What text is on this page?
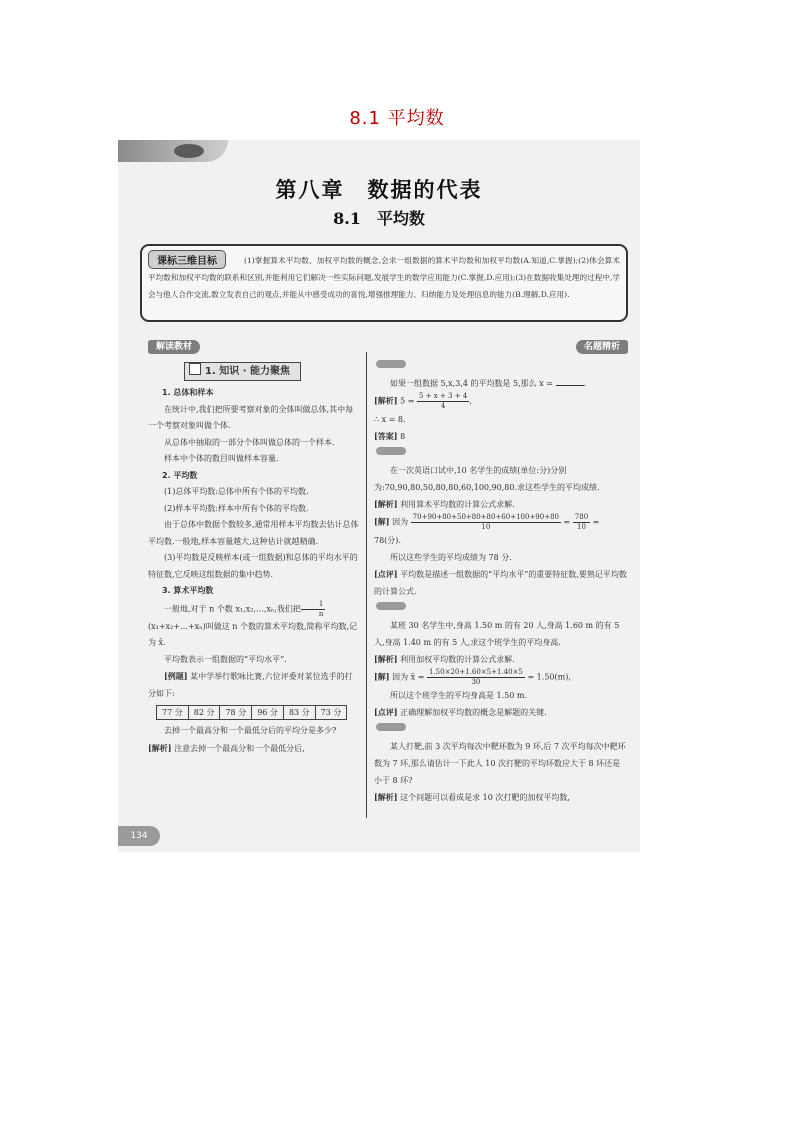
8.1 平均数
第八章　数据的代表
8.1　平均数
(1)掌握算术平均数、加权平均数的概念,会求一组数据的算术平均数和加权平均数(A.知道,C.掌握);(2)体会算术平均数和加权平均数的联系和区别,并能利用它们解决一些实际问题,发展学生的数学应用能力(C.掌握,D.应用);(3)在数据收集处理的过程中,学会与他人合作交流,数立发表自己的观点,并能从中感受成功的喜悦,增强推理能力、归纳能力及处理信息的能力(B.理解,D.应用).
课标三维目标
解读教材	名题精析
1. 知识 · 能力聚焦
1. 总体和样本
在统计中,我们把所要考察对象的全体叫做总体,其中每一个考察对象叫做个体.
从总体中抽取的一部分个体叫做总体的一个样本.
样本中个体的数目叫做样本容量.
2. 平均数
(1)总体平均数:总体中所有个体的平均数.
(2)样本平均数:样本中所有个体的平均数.
由于总体中数据个数较多,通常用样本平均数去估计总体平均数.一般地,样本容量越大,这种估计就越精确.
(3)平均数是反映样本(或一组数据)和总体的平均水平的特征数,它反映这组数据的集中趋势.
3. 算术平均数
一般地,对于 n 个数 x₁,x₂,…,xₙ,我们把 $\frac{1}{n}$
(x₁+x₂+…+xₙ)叫做这 n 个数的算术平均数,简称平均数,记为 x̄.
平均数表示一组数据的“平均水平”.
[例题] 某中学举行歌咏比赛,六位评委对某位选手的打分如下:
77 分	82 分	78 分	96 分	83 分	73 分
去掉一个最高分和一个最低分后的平均分是多少?
[解析] 注意去掉一个最高分和一个最低分后,
如果一组数据 5,x,3,4 的平均数是 5,那么 x =	.
[解析] $5 = \frac{5 + x + 3 + 4}{4}$ ,
∴ x = 8.
[答案] 8
在一次英语口试中,10 名学生的成绩(单位:分)分别为:70,90,80,50,80,80,60,100,90,80.求这些学生的平均成绩.
[解析] 利用算术平均数的计算公式求解.
[解] 因为 $\frac{70+90+80+50+80+80+60+100+90+80}{10} = \frac{780}{10} = 78$(分).
所以这些学生的平均成绩为 78 分.
[点评] 平均数是描述一组数据的“平均水平”的重要特征数,要熟记平均数的计算公式.
某班 30 名学生中,身高 1.50 m 的有 20 人,身高 1.60 m 的有 5 人,身高 1.40 m 的有 5 人,求这个班学生的平均身高.
[解析] 利用加权平均数的计算公式求解.
[解] 因为 x̄ = $\frac{1.50\times 20+1.60\times 5+1.40\times 5}{30} = 1.50(m)$,
所以这个班学生的平均身高是 1.50 m.
[点评] 正确理解加权平均数的概念是解题的关键.
某人打靶,前 3 次平均每次中靶环数为 9 环,后 7 次平均每次中靶环数为 7 环,那么请估计一下此人 10 次打靶的平均环数应大于 8 环还是小于 8 环?
[解析] 这个问题可以看成是求 10 次打靶的加权平均数,
134
